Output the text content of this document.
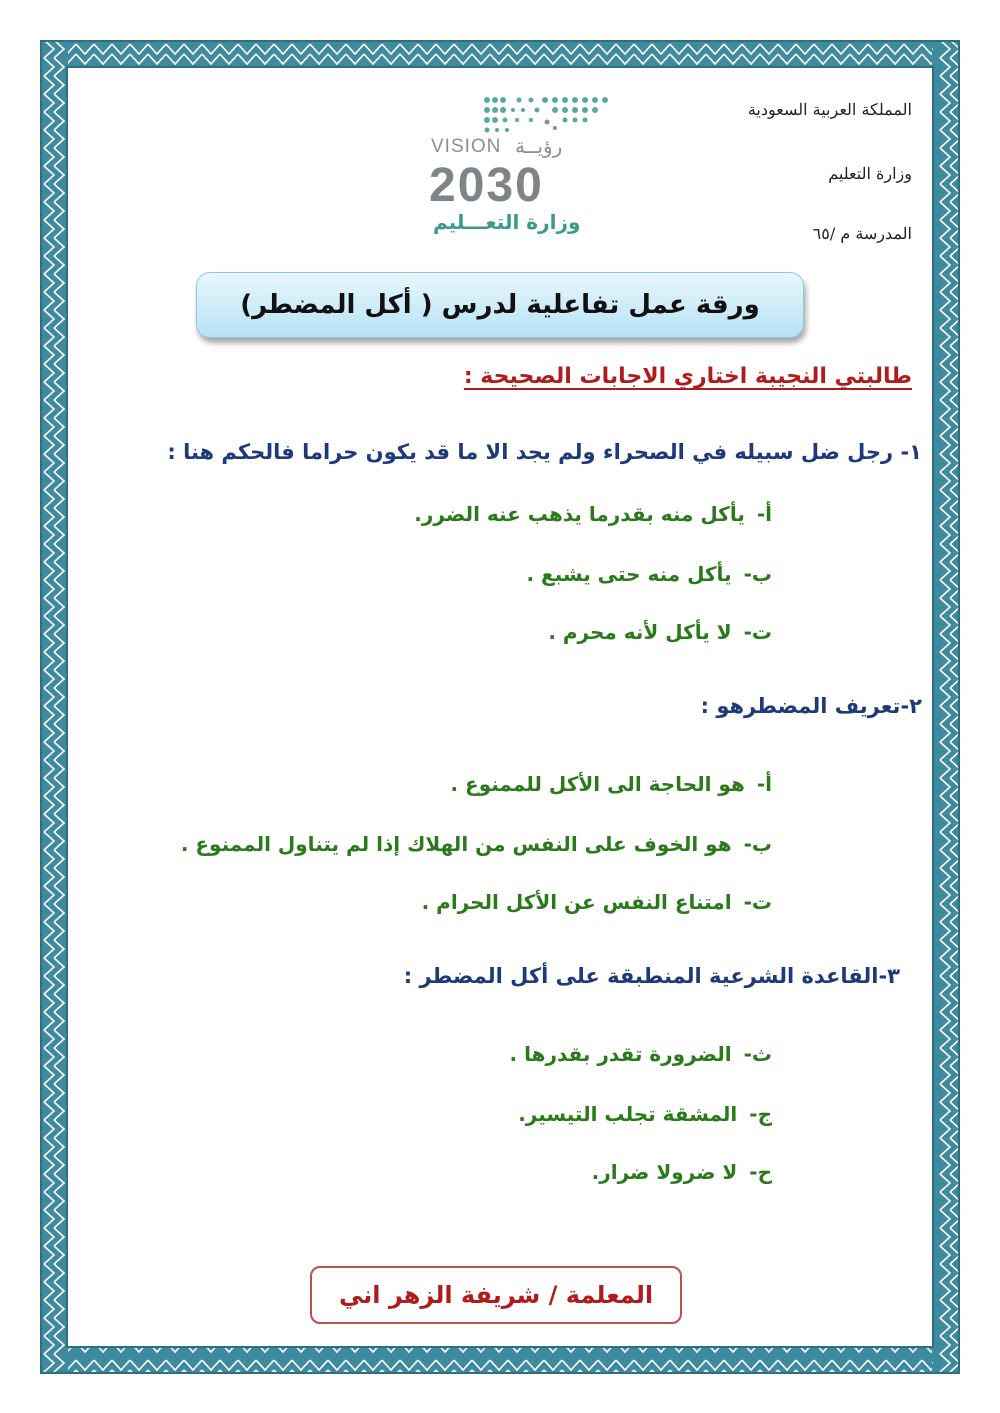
المملكة العربية السعودية
وزارة التعليم
المدرسة م /٦٥
VISION رؤيــة
2030
وزارة التعـــليم
ورقة عمل تفاعلية لدرس ( أكل المضطر)
طالبتي النجيبة اختاري الاجابات الصحيحة :
١- رجل ضل سبيله في الصحراء ولم يجد الا ما قد يكون حراما فالحكم هنا :
أ-يأكل منه بقدرما يذهب عنه الضرر.
ب-يأكل منه حتى يشبع .
ت-لا يأكل لأنه محرم .
٢-تعريف المضطرهو :
أ-هو الحاجة الى الأكل للممنوع .
ب-هو الخوف على النفس من الهلاك إذا لم يتناول الممنوع .
ت-امتناع النفس عن الأكل الحرام .
٣-القاعدة الشرعية المنطبقة على أكل المضطر :
ث-الضرورة تقدر بقدرها .
ج-المشقة تجلب التيسير.
ح-لا ضرولا ضرار.
المعلمة / شريفة الزهر اني
